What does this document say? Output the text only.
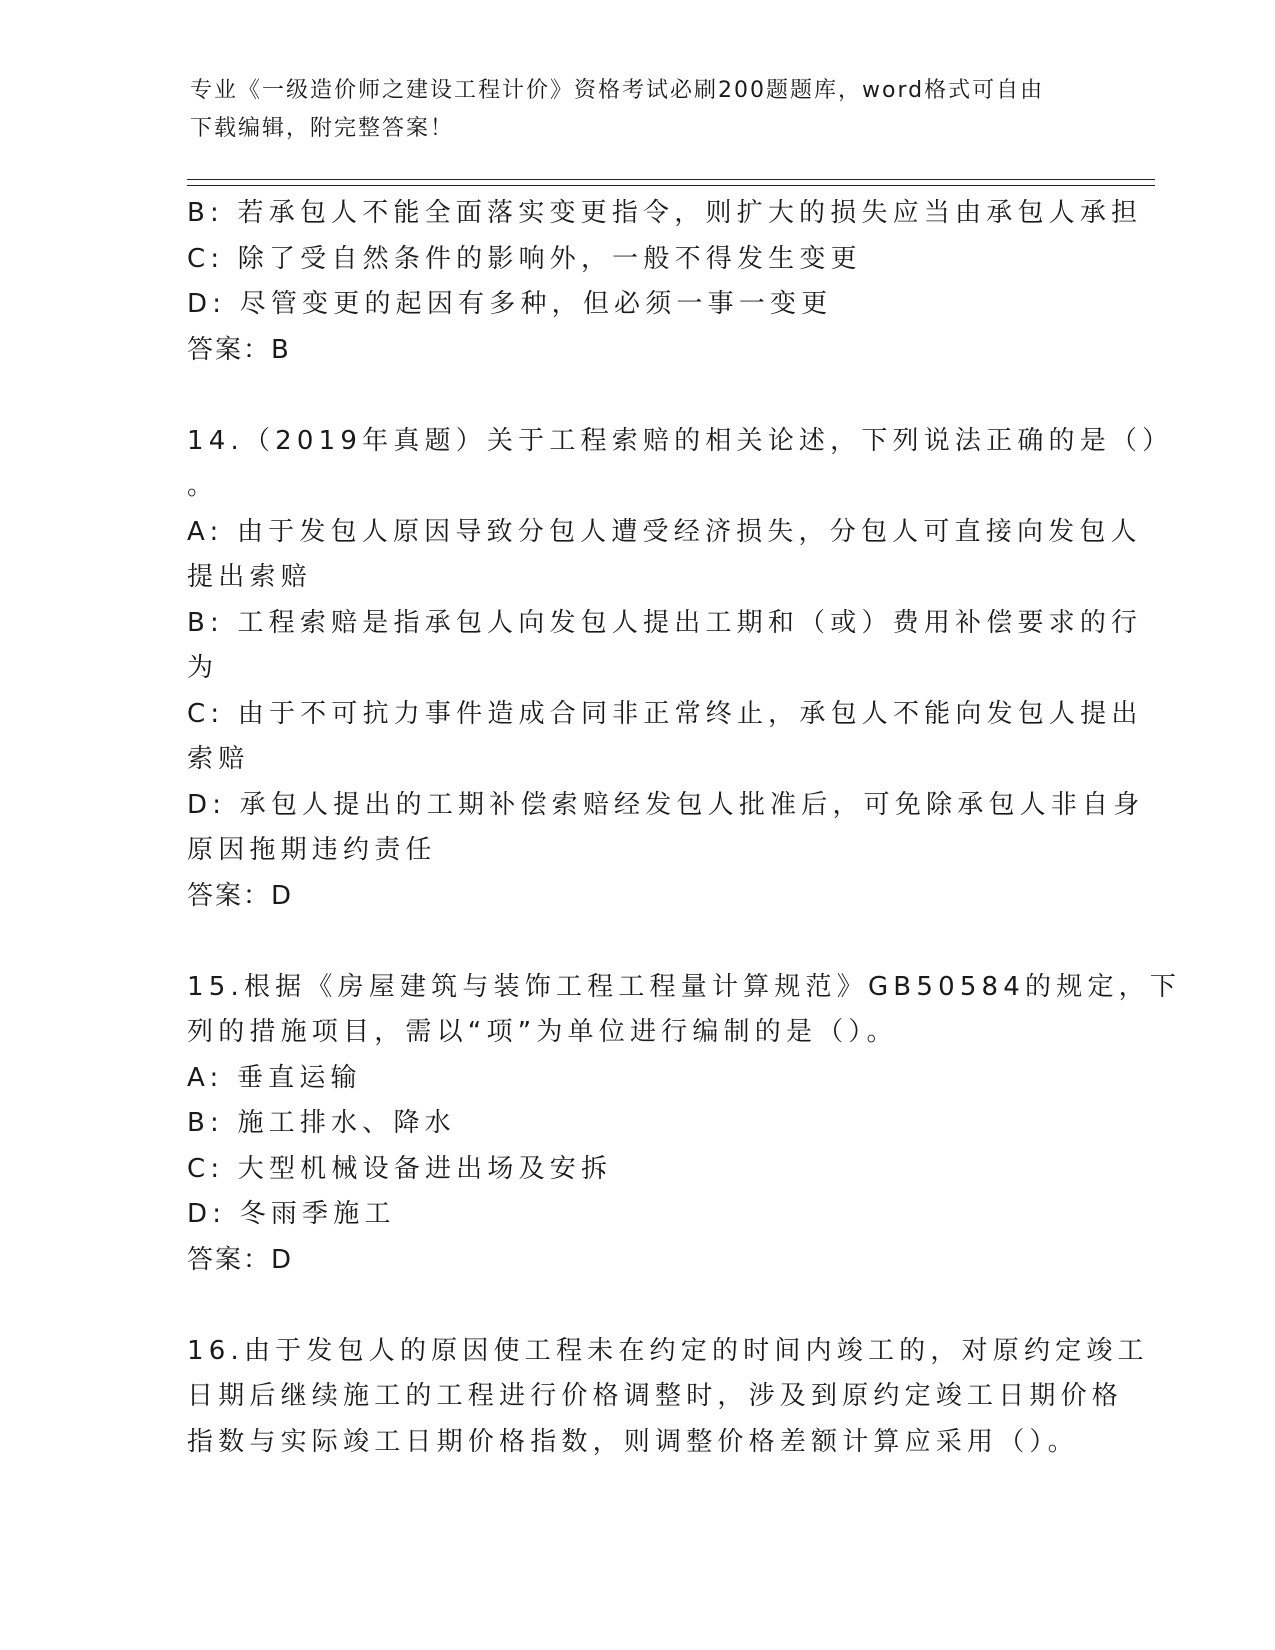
专业《一级造价师之建设工程计价》资格考试必刷200题题库，word格式可自由
下载编辑，附完整答案！
B: 若承包人不能全面落实变更指令，则扩大的损失应当由承包人承担
C: 除了受自然条件的影响外，一般不得发生变更
D: 尽管变更的起因有多种，但必须一事一变更
答案：B
14.（2019年真题）关于工程索赔的相关论述，下列说法正确的是（）
。
A: 由于发包人原因导致分包人遭受经济损失，分包人可直接向发包人
提出索赔
B: 工程索赔是指承包人向发包人提出工期和（或）费用补偿要求的行
为
C: 由于不可抗力事件造成合同非正常终止，承包人不能向发包人提出
索赔
D: 承包人提出的工期补偿索赔经发包人批准后，可免除承包人非自身
原因拖期违约责任
答案：D
15.根据《房屋建筑与装饰工程工程量计算规范》GB50584的规定，下
列的措施项目，需以“项”为单位进行编制的是（）。
A: 垂直运输
B: 施工排水、降水
C: 大型机械设备进出场及安拆
D: 冬雨季施工
答案：D
16.由于发包人的原因使工程未在约定的时间内竣工的，对原约定竣工
日期后继续施工的工程进行价格调整时，涉及到原约定竣工日期价格
指数与实际竣工日期价格指数，则调整价格差额计算应采用（）。
